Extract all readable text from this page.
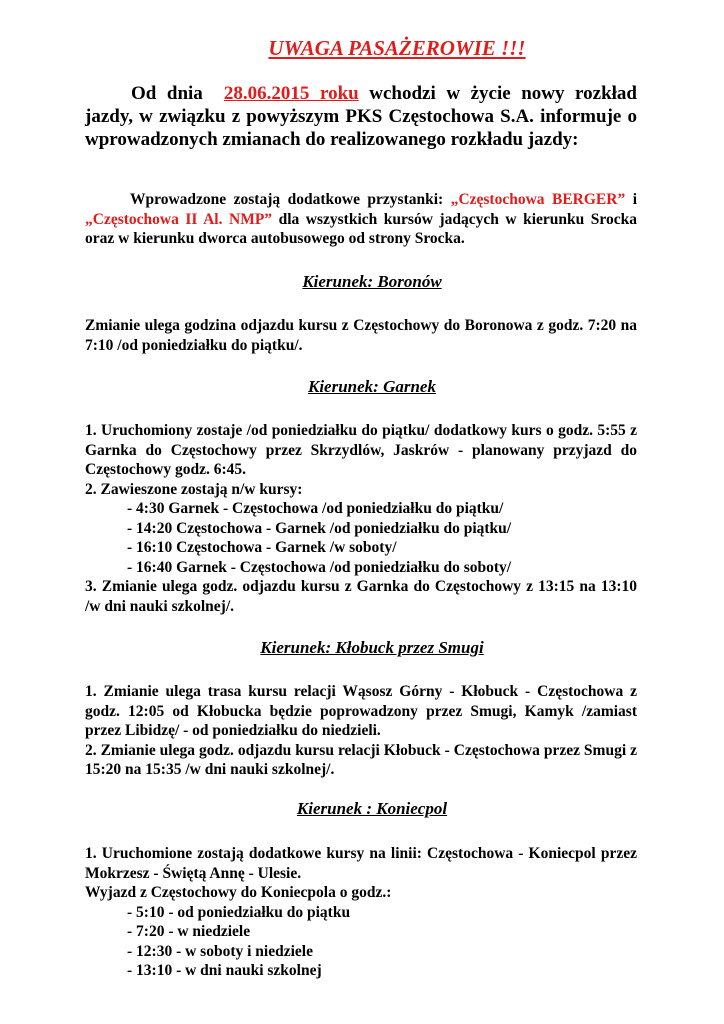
UWAGA PASAŻEROWIE !!!
Od dnia 28.06.2015 roku wchodzi w życie nowy rozkład jazdy, w związku z powyższym PKS Częstochowa S.A. informuje o wprowadzonych zmianach do realizowanego rozkładu jazdy:
Wprowadzone zostają dodatkowe przystanki: „Częstochowa BERGER” i „Częstochowa II Al. NMP” dla wszystkich kursów jadących w kierunku Srocka oraz w kierunku dworca autobusowego od strony Srocka.
Kierunek: Boronów
Zmianie ulega godzina odjazdu kursu z Częstochowy do Boronowa z godz. 7:20 na 7:10 /od poniedziałku do piątku/.
Kierunek: Garnek
1. Uruchomiony zostaje /od poniedziałku do piątku/ dodatkowy kurs o godz. 5:55 z Garnka do Częstochowy przez Skrzydlów, Jaskrów - planowany przyjazd do Częstochowy godz. 6:45.
2. Zawieszone zostają n/w kursy:
- 4:30 Garnek - Częstochowa /od poniedziałku do piątku/
- 14:20 Częstochowa - Garnek /od poniedziałku do piątku/
- 16:10 Częstochowa - Garnek /w soboty/
- 16:40 Garnek - Częstochowa /od poniedziałku do soboty/
3. Zmianie ulega godz. odjazdu kursu z Garnka do Częstochowy z 13:15 na 13:10 /w dni nauki szkolnej/.
Kierunek: Kłobuck przez Smugi
1. Zmianie ulega trasa kursu relacji Wąsosz Górny - Kłobuck - Częstochowa z godz. 12:05 od Kłobucka będzie poprowadzony przez Smugi, Kamyk /zamiast przez Libidzę/ - od poniedziałku do niedzieli.
2. Zmianie ulega godz. odjazdu kursu relacji Kłobuck - Częstochowa przez Smugi z 15:20 na 15:35 /w dni nauki szkolnej/.
Kierunek : Koniecpol
1. Uruchomione zostają dodatkowe kursy na linii: Częstochowa - Koniecpol przez Mokrzesz - Świętą Annę - Ulesie.
Wyjazd z Częstochowy do Koniecpola o godz.:
- 5:10 - od poniedziałku do piątku
- 7:20 - w niedziele
- 12:30 - w soboty i niedziele
- 13:10 - w dni nauki szkolnej
